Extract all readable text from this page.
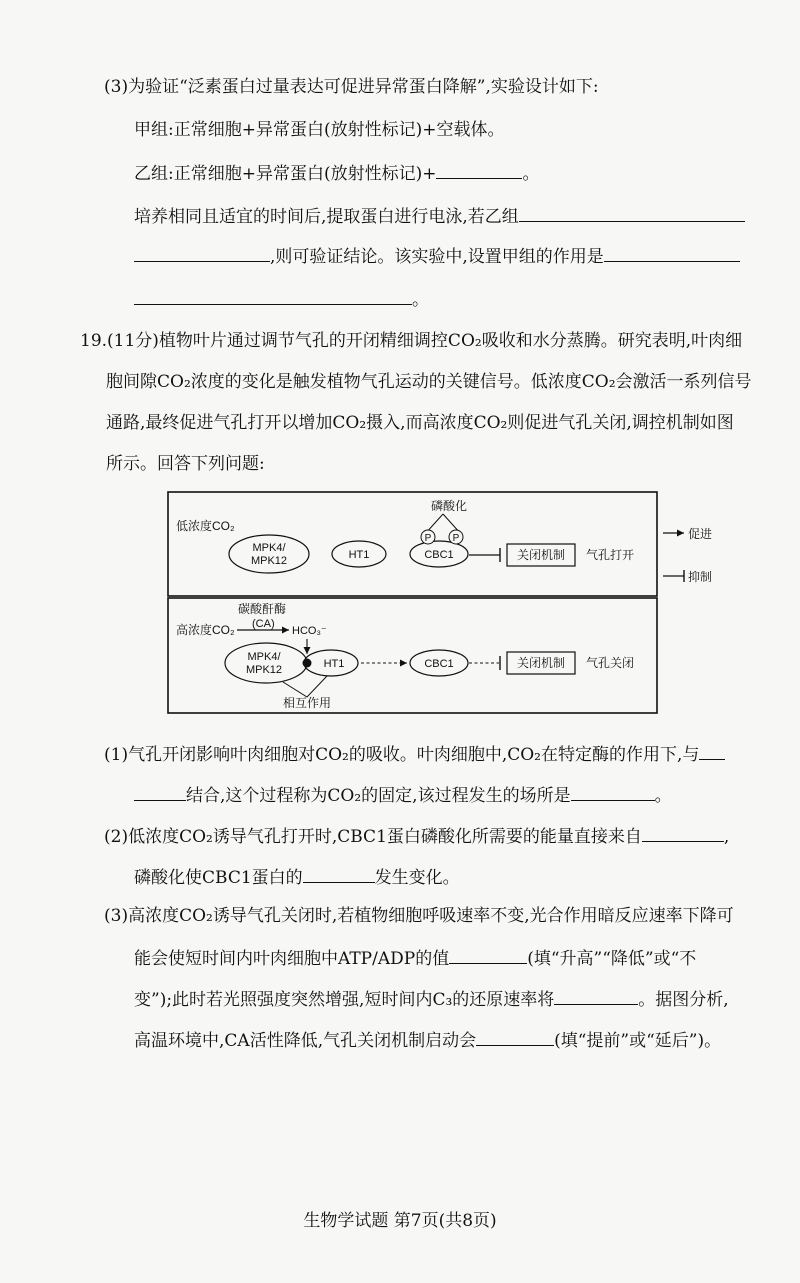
(3)为验证“泛素蛋白过量表达可促进异常蛋白降解”,实验设计如下:
甲组:正常细胞+异常蛋白(放射性标记)+空载体。
乙组:正常细胞+异常蛋白(放射性标记)+	。
培养相同且适宜的时间后,提取蛋白进行电泳,若乙组
,则可验证结论。该实验中,设置甲组的作用是
。
19.(11分)植物叶片通过调节气孔的开闭精细调控CO₂吸收和水分蒸腾。研究表明,叶肉细
胞间隙CO₂浓度的变化是触发植物气孔运动的关键信号。低浓度CO₂会激活一系列信号
通路,最终促进气孔打开以增加CO₂摄入,而高浓度CO₂则促进气孔关闭,调控机制如图
所示。回答下列问题:
低浓度CO₂
MPK4/
MPK12	HT1	CBC1
磷酸化
P P
关闭机制 气孔打开
促进
抑制
碳酸酐酶
(CA)
高浓度CO₂	HCO₃⁻
MPK4/
MPK12	HT1
相互作用
CBC1	关闭机制 气孔关闭
(1)气孔开闭影响叶肉细胞对CO₂的吸收。叶肉细胞中,CO₂在特定酶的作用下,与
结合,这个过程称为CO₂的固定,该过程发生的场所是	。
(2)低浓度CO₂诱导气孔打开时,CBC1蛋白磷酸化所需要的能量直接来自	,
磷酸化使CBC1蛋白的	发生变化。
(3)高浓度CO₂诱导气孔关闭时,若植物细胞呼吸速率不变,光合作用暗反应速率下降可
能会使短时间内叶肉细胞中ATP/ADP的值	(填“升高”“降低”或“不
变”);此时若光照强度突然增强,短时间内C₃的还原速率将	。据图分析,
高温环境中,CA活性降低,气孔关闭机制启动会	(填“提前”或“延后”)。
生物学试题 第7页(共8页)
